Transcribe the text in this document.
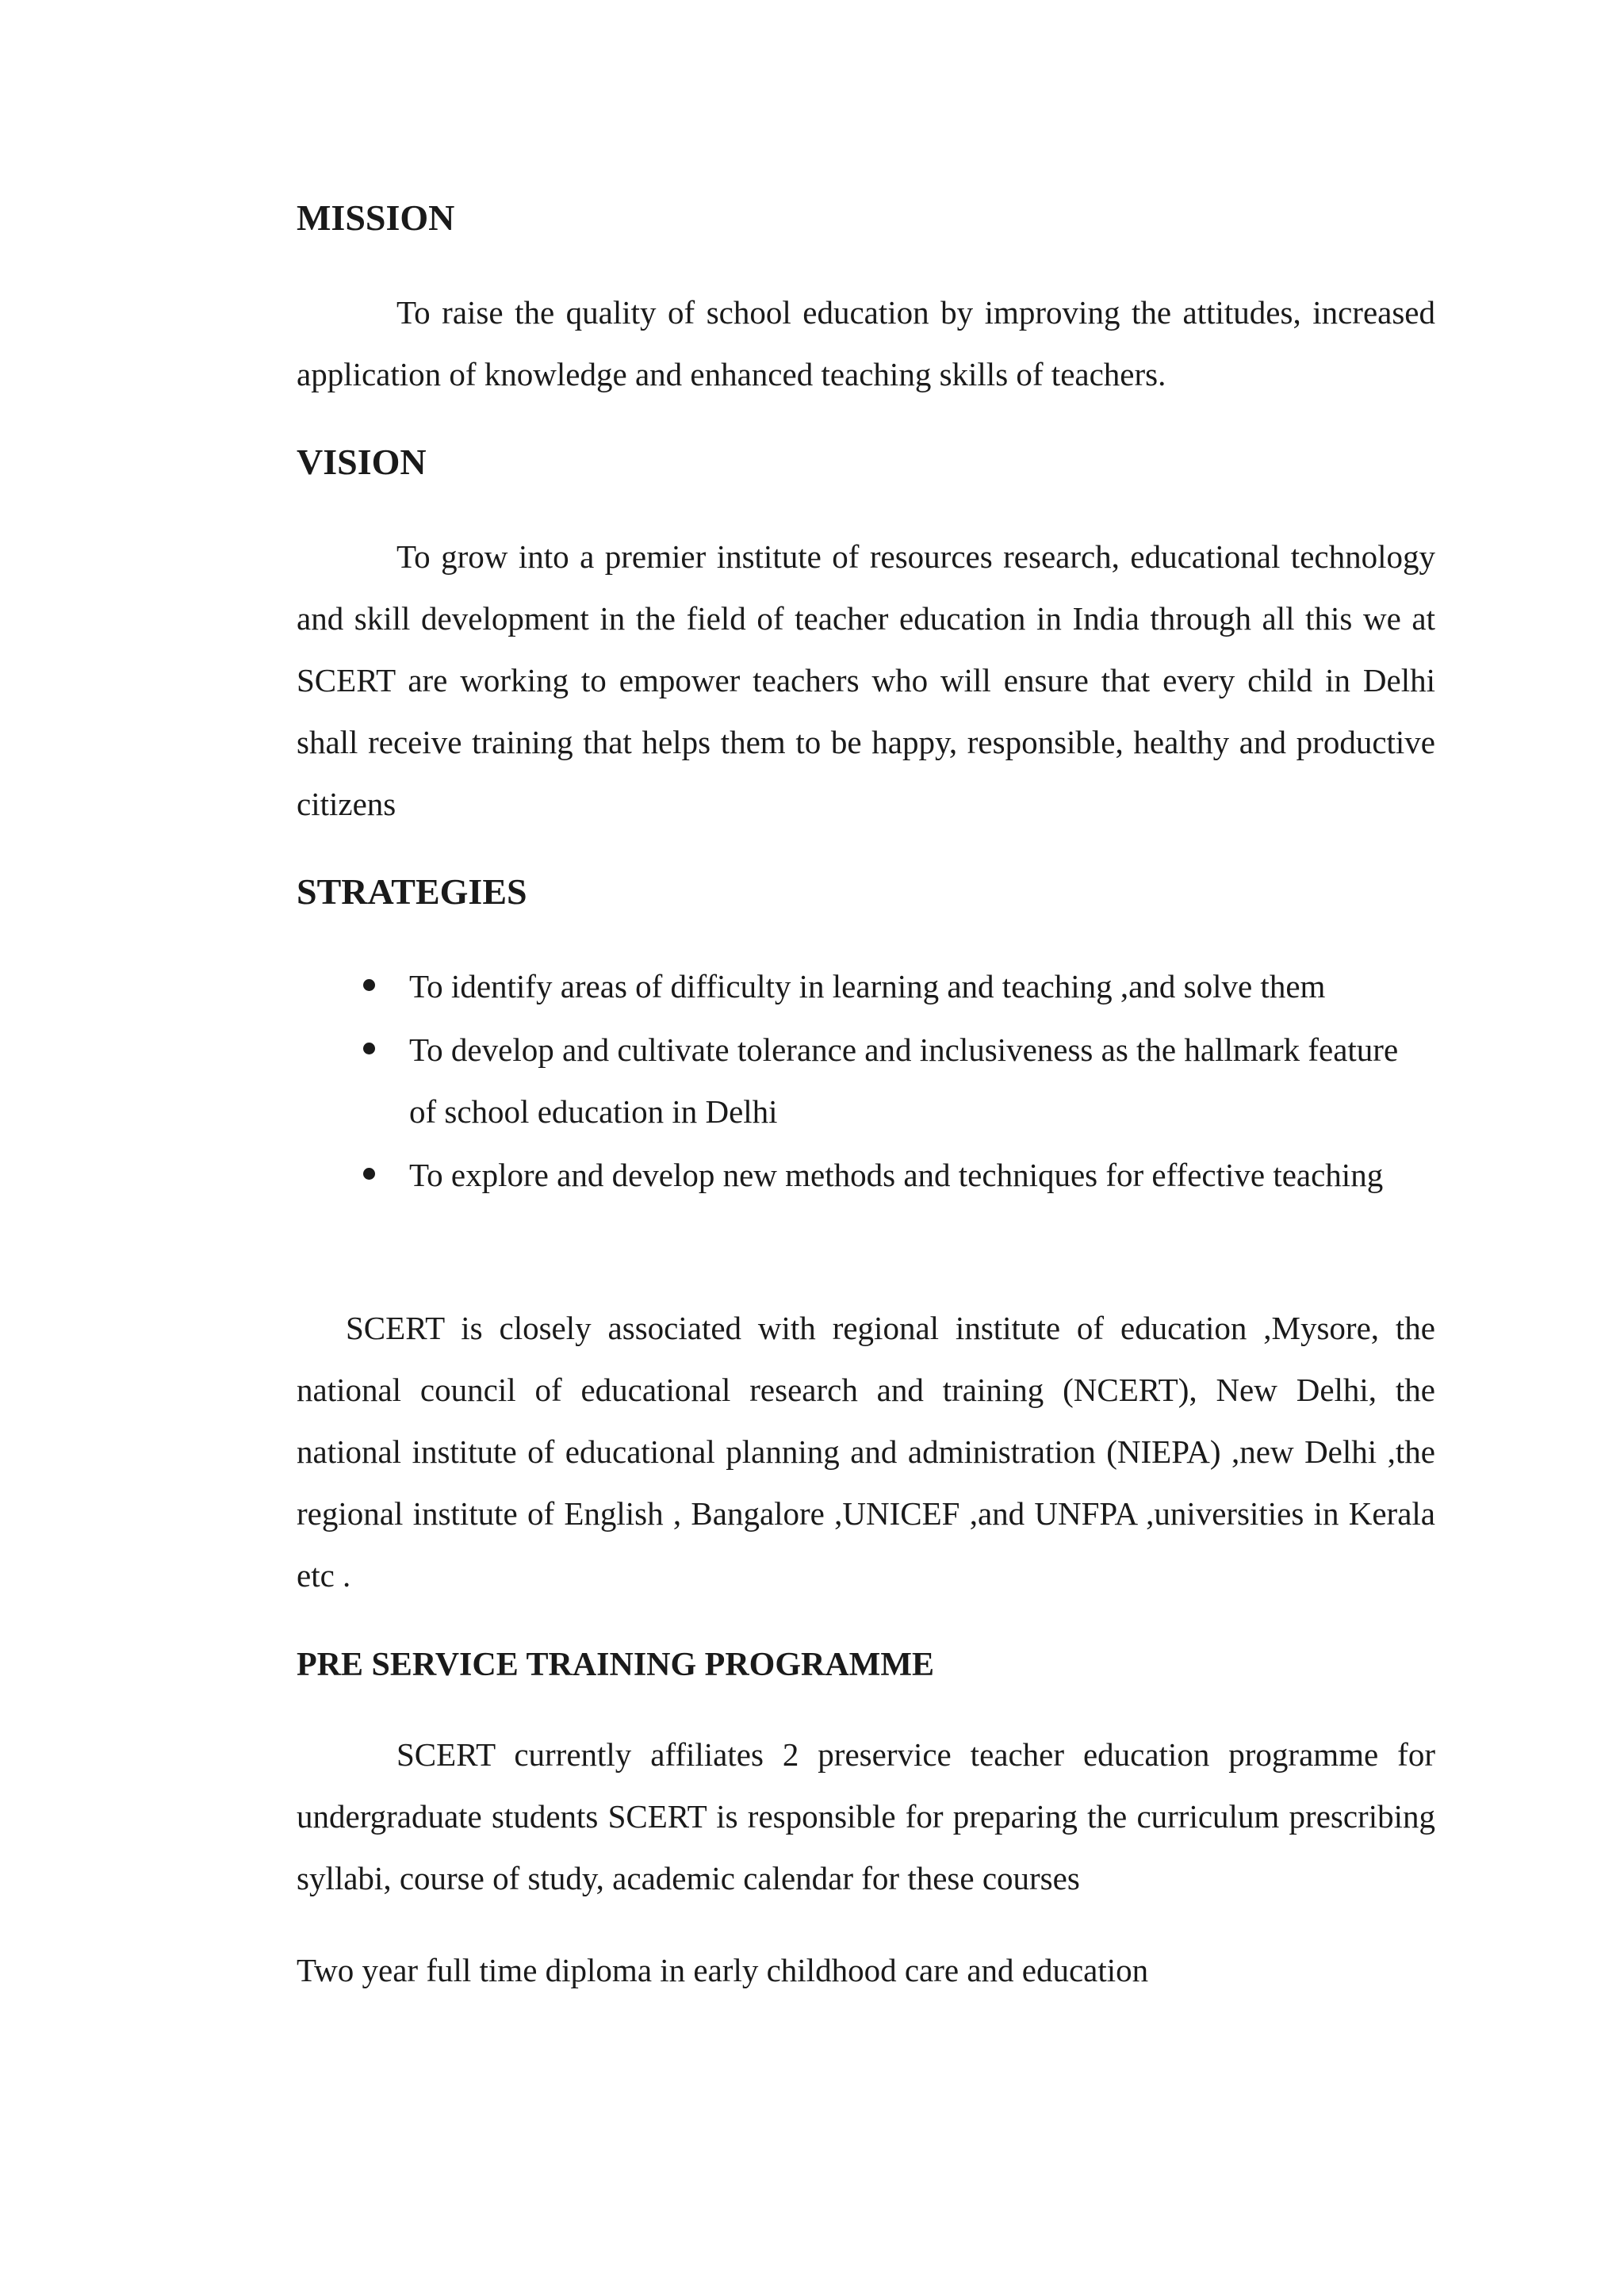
MISSION

To raise the quality of school education by improving the attitudes, increased application of knowledge and enhanced teaching skills of teachers.

VISION

To grow into a premier institute of resources research, educational technology and skill development in the field of teacher education in India through all this we at SCERT are working to empower teachers who will ensure that every child in Delhi shall receive training that helps them to be happy, responsible, healthy and productive citizens

STRATEGIES
To identify areas of difficulty in learning and teaching ,and solve them
To develop and cultivate tolerance and inclusiveness as the hallmark feature of school education in Delhi
To explore and develop new methods and techniques for effective teaching

SCERT is closely associated with regional institute of education ,Mysore, the national council of educational research and training (NCERT), New Delhi, the national institute of educational planning and administration (NIEPA) ,new Delhi ,the regional institute of English , Bangalore ,UNICEF ,and UNFPA ,universities in Kerala etc .

PRE SERVICE TRAINING PROGRAMME

SCERT currently affiliates 2 preservice teacher education programme for undergraduate students SCERT is responsible for preparing the curriculum prescribing syllabi, course of study, academic calendar for these courses

Two year full time diploma in early childhood care and education
